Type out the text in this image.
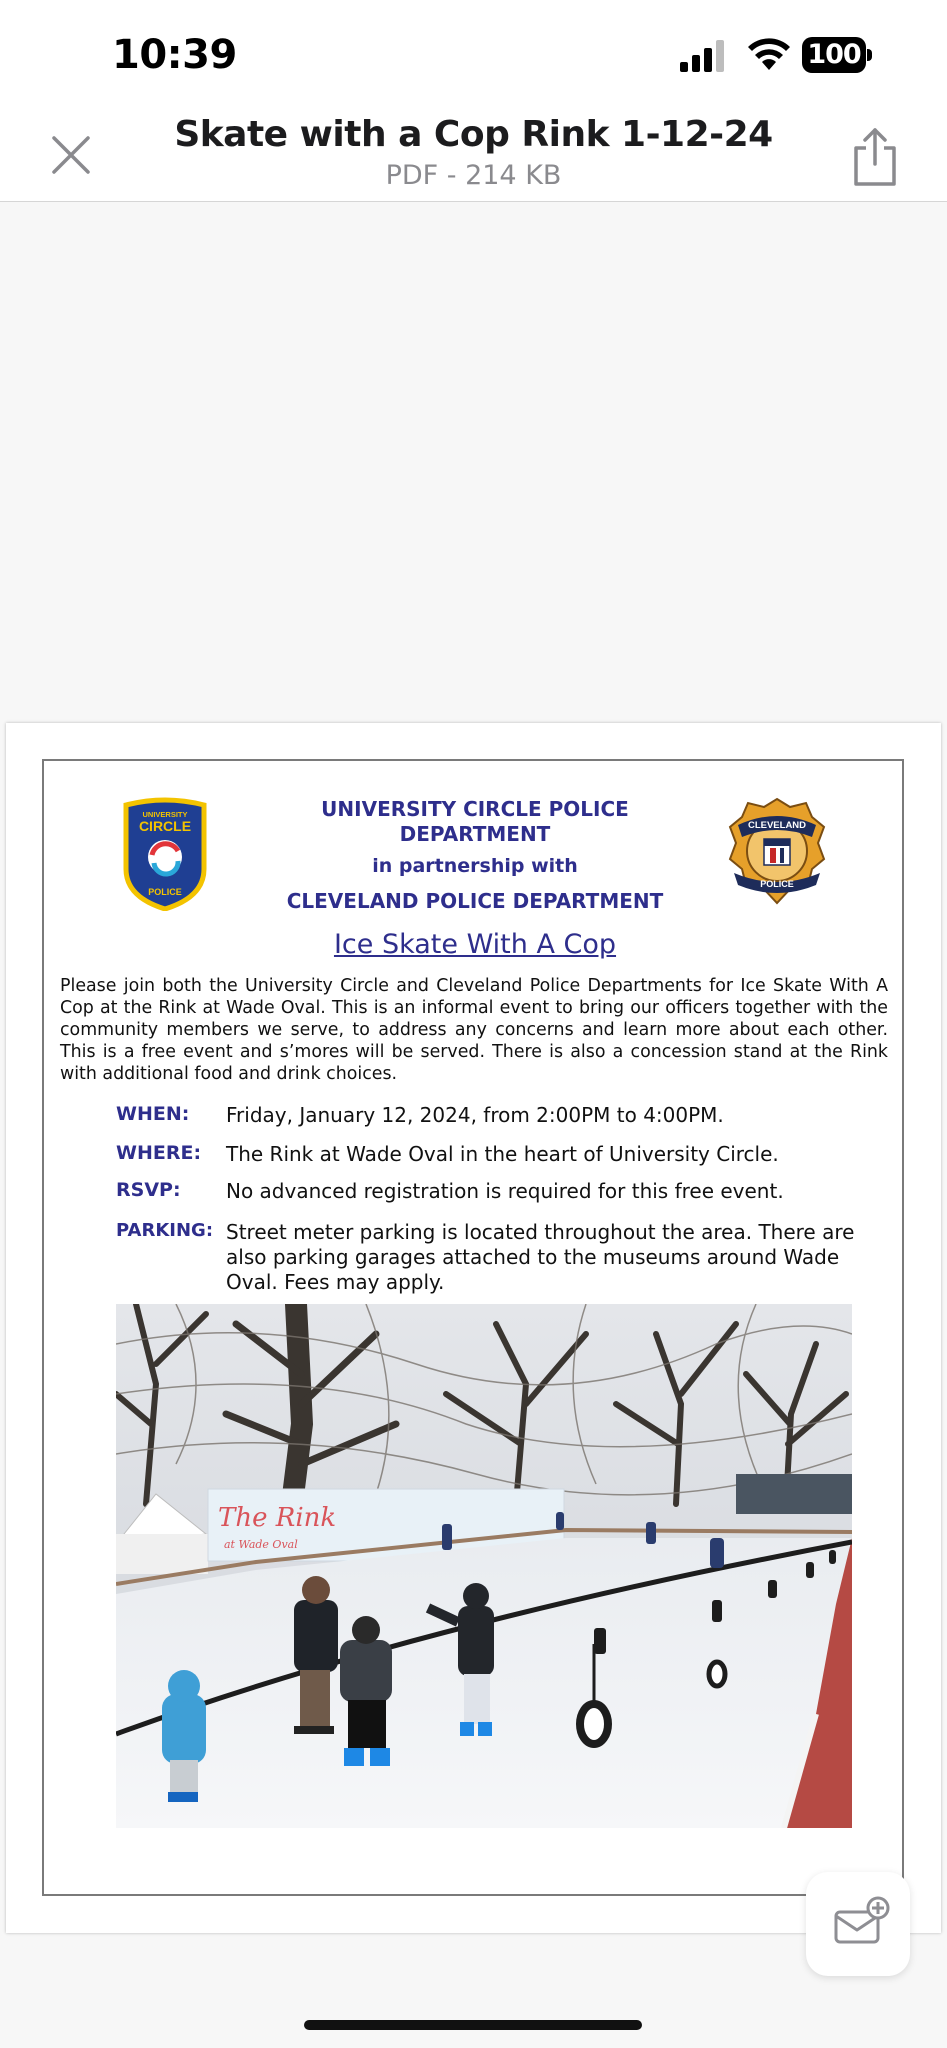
10:39	100
Skate with a Cop Rink 1-12-24
PDF - 214 KB
UNIVERSITY
CIRCLE
POLICE
CLEVELAND
POLICE
UNIVERSITY CIRCLE POLICE DEPARTMENT
in partnership with
CLEVELAND POLICE DEPARTMENT
Ice Skate With A Cop
Please join both the University Circle and Cleveland Police Departments for Ice Skate With A Cop at the Rink at Wade Oval. This is an informal event to bring our officers together with the community members we serve, to address any concerns and learn more about each other. This is a free event and s’mores will be served. There is also a concession stand at the Rink with additional food and drink choices.
WHEN: Friday, January 12, 2024, from 2:00PM to 4:00PM.
WHERE: The Rink at Wade Oval in the heart of University Circle.
RSVP: No advanced registration is required for this free event.
PARKING: Street meter parking is located throughout the area. There are also parking garages attached to the museums around Wade Oval. Fees may apply.
The Rink
at Wade Oval
